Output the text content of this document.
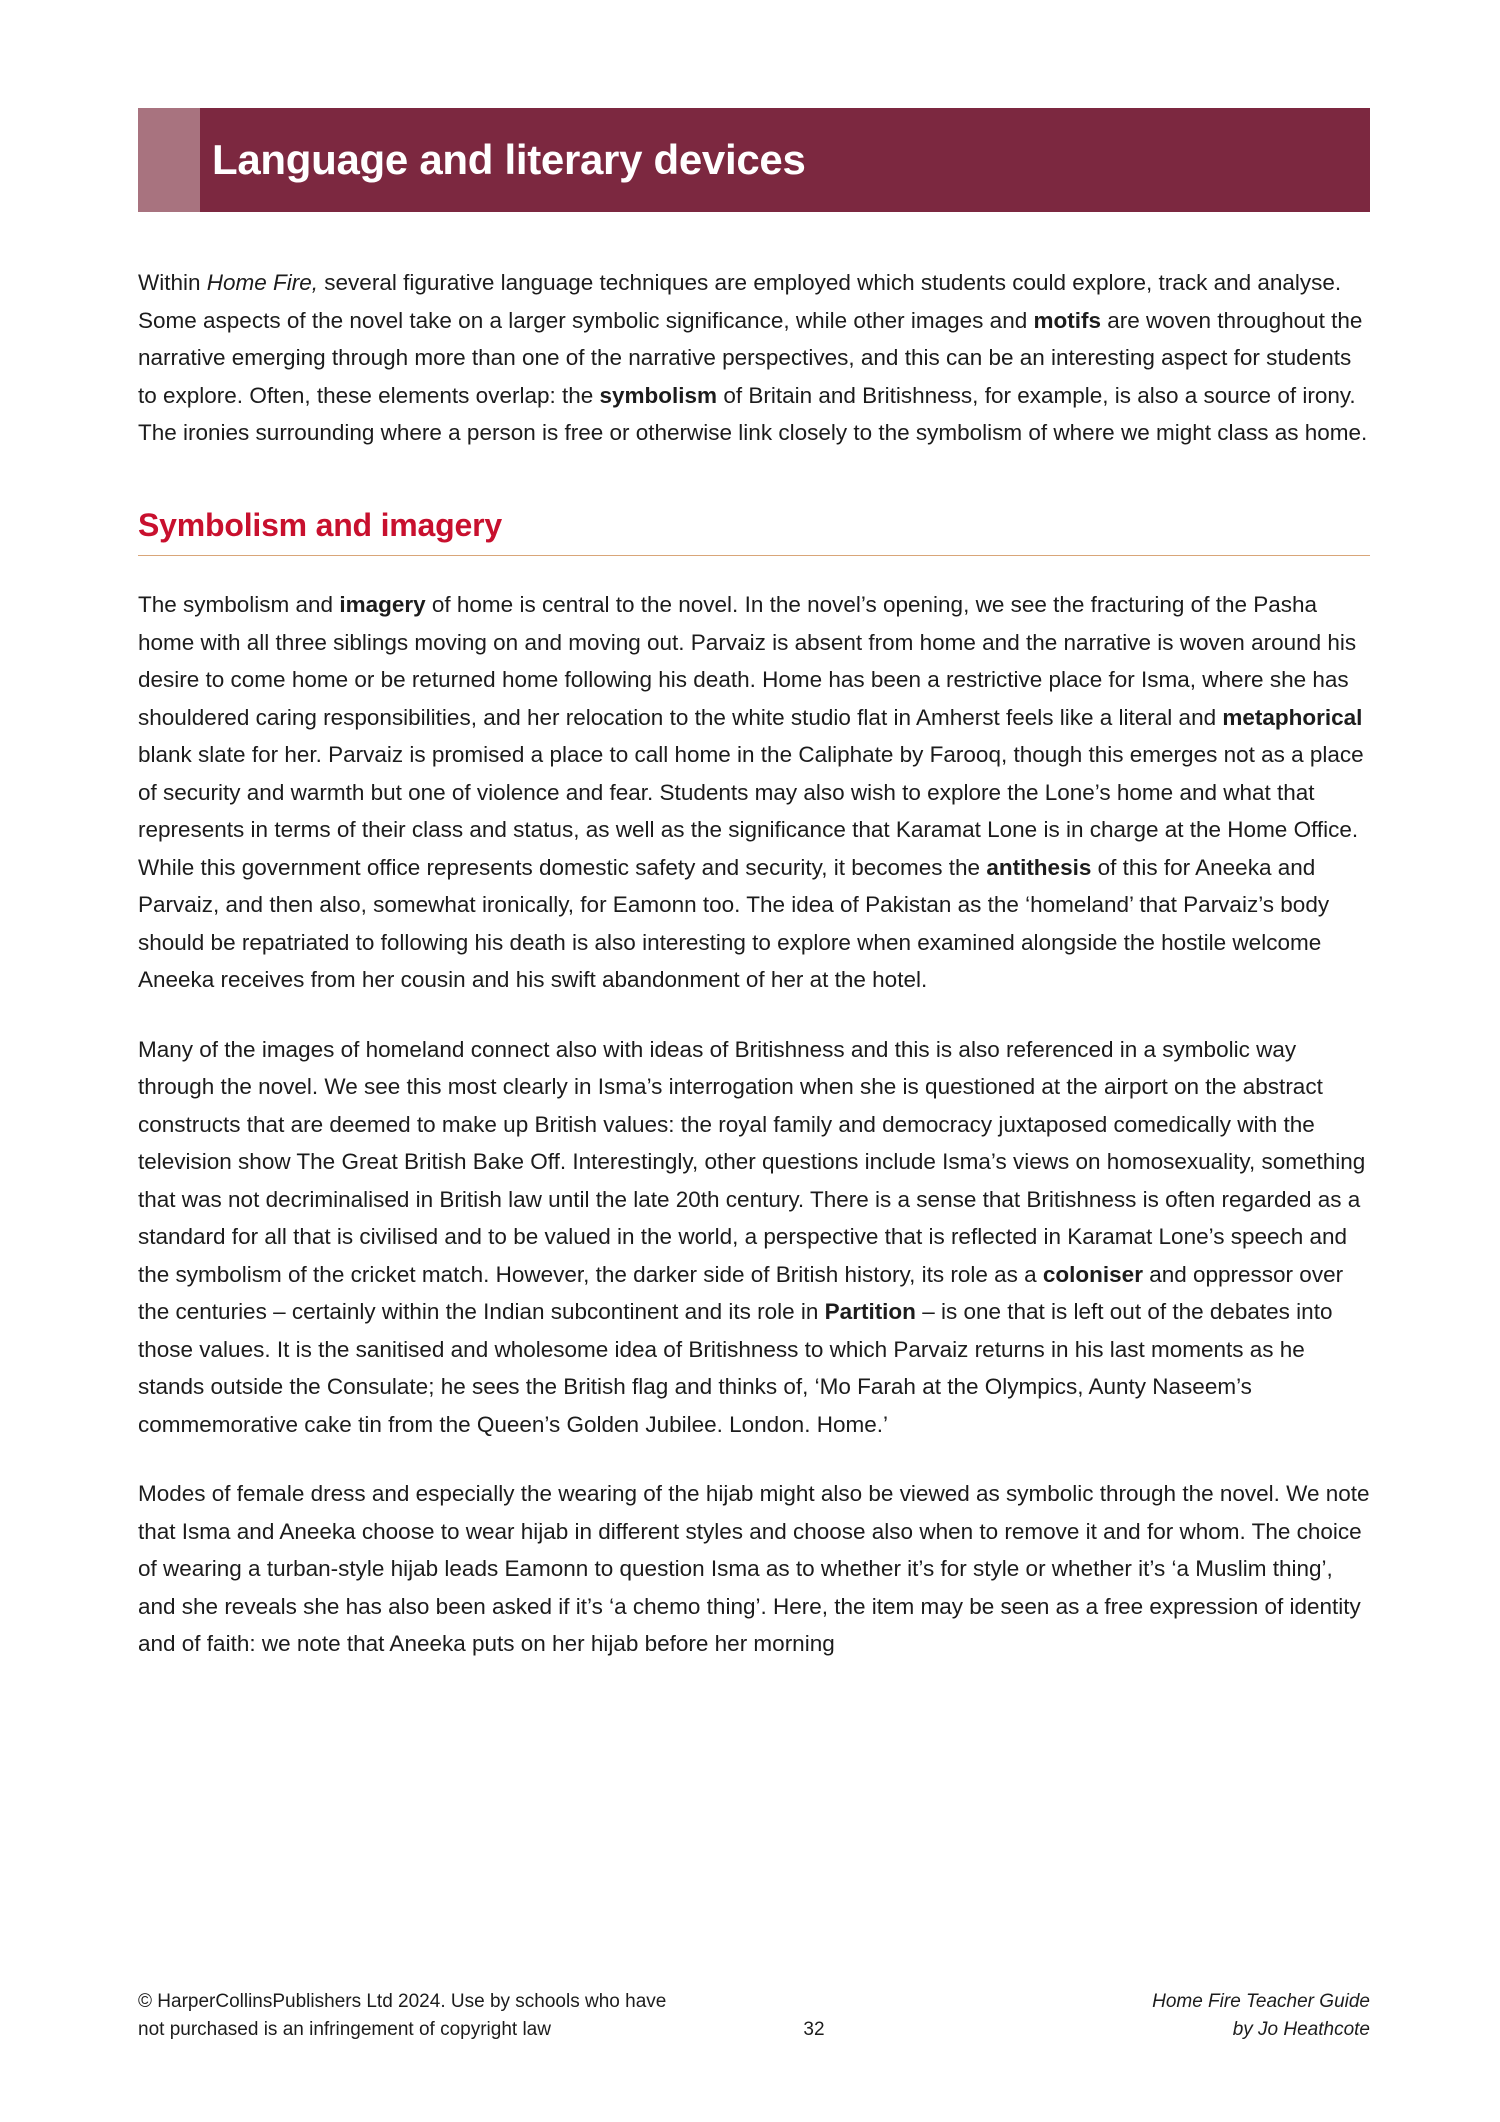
Language and literary devices

Within Home Fire, several figurative language techniques are employed which students could explore, track and analyse. Some aspects of the novel take on a larger symbolic significance, while other images and motifs are woven throughout the narrative emerging through more than one of the narrative perspectives, and this can be an interesting aspect for students to explore. Often, these elements overlap: the symbolism of Britain and Britishness, for example, is also a source of irony. The ironies surrounding where a person is free or otherwise link closely to the symbolism of where we might class as home.

Symbolism and imagery

The symbolism and imagery of home is central to the novel. In the novel’s opening, we see the fracturing of the Pasha home with all three siblings moving on and moving out. Parvaiz is absent from home and the narrative is woven around his desire to come home or be returned home following his death. Home has been a restrictive place for Isma, where she has shouldered caring responsibilities, and her relocation to the white studio flat in Amherst feels like a literal and metaphorical blank slate for her. Parvaiz is promised a place to call home in the Caliphate by Farooq, though this emerges not as a place of security and warmth but one of violence and fear. Students may also wish to explore the Lone’s home and what that represents in terms of their class and status, as well as the significance that Karamat Lone is in charge at the Home Office. While this government office represents domestic safety and security, it becomes the antithesis of this for Aneeka and Parvaiz, and then also, somewhat ironically, for Eamonn too. The idea of Pakistan as the ‘homeland’ that Parvaiz’s body should be repatriated to following his death is also interesting to explore when examined alongside the hostile welcome Aneeka receives from her cousin and his swift abandonment of her at the hotel.

Many of the images of homeland connect also with ideas of Britishness and this is also referenced in a symbolic way through the novel. We see this most clearly in Isma’s interrogation when she is questioned at the airport on the abstract constructs that are deemed to make up British values: the royal family and democracy juxtaposed comedically with the television show The Great British Bake Off. Interestingly, other questions include Isma’s views on homosexuality, something that was not decriminalised in British law until the late 20th century. There is a sense that Britishness is often regarded as a standard for all that is civilised and to be valued in the world, a perspective that is reflected in Karamat Lone’s speech and the symbolism of the cricket match. However, the darker side of British history, its role as a coloniser and oppressor over the centuries – certainly within the Indian subcontinent and its role in Partition – is one that is left out of the debates into those values. It is the sanitised and wholesome idea of Britishness to which Parvaiz returns in his last moments as he stands outside the Consulate; he sees the British flag and thinks of, ‘Mo Farah at the Olympics, Aunty Naseem’s commemorative cake tin from the Queen’s Golden Jubilee. London. Home.’

Modes of female dress and especially the wearing of the hijab might also be viewed as symbolic through the novel. We note that Isma and Aneeka choose to wear hijab in different styles and choose also when to remove it and for whom. The choice of wearing a turban-style hijab leads Eamonn to question Isma as to whether it’s for style or whether it’s ‘a Muslim thing’, and she reveals she has also been asked if it’s ‘a chemo thing’. Here, the item may be seen as a free expression of identity and of faith: we note that Aneeka puts on her hijab before her morning

© HarperCollinsPublishers Ltd 2024. Use by schools who have not purchased is an infringement of copyright law	32
Home Fire Teacher Guide
by Jo Heathcote
